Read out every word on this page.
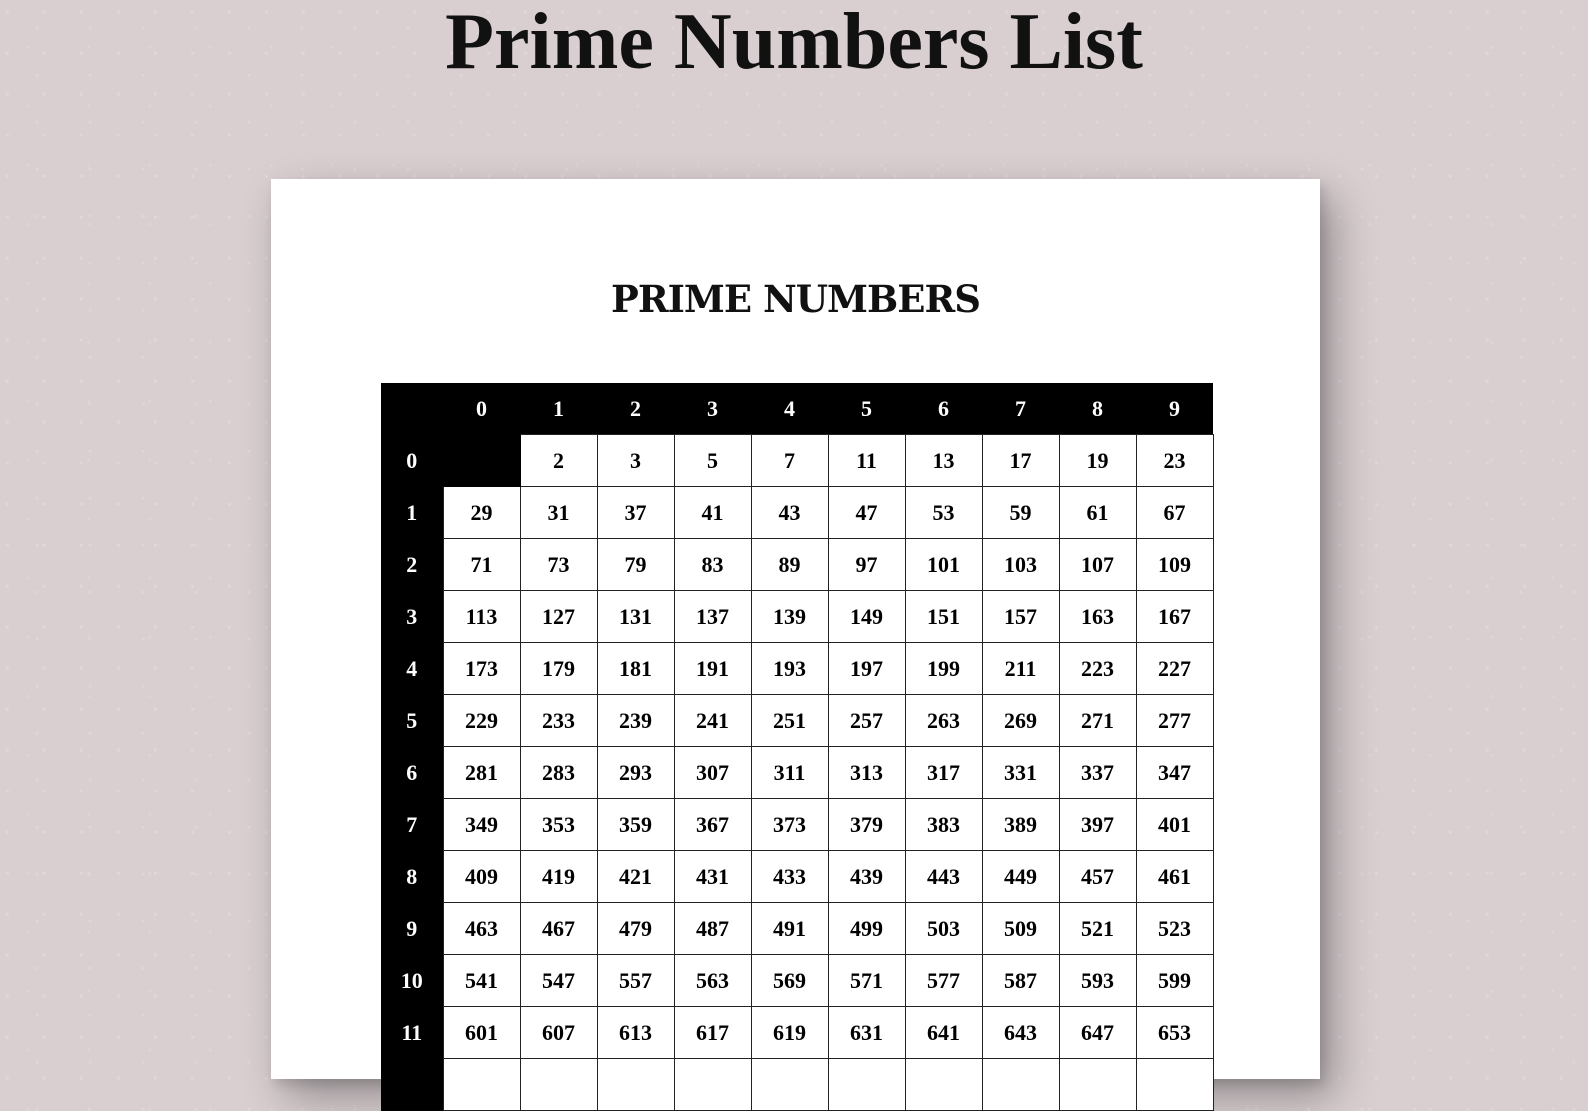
Prime Numbers List
PRIME NUMBERS
	0	1	2	3	4	5	6	7	8	9
0		2	3	5	7	11	13	17	19	23
1	29	31	37	41	43	47	53	59	61	67
2	71	73	79	83	89	97	101	103	107	109
3	113	127	131	137	139	149	151	157	163	167
4	173	179	181	191	193	197	199	211	223	227
5	229	233	239	241	251	257	263	269	271	277
6	281	283	293	307	311	313	317	331	337	347
7	349	353	359	367	373	379	383	389	397	401
8	409	419	421	431	433	439	443	449	457	461
9	463	467	479	487	491	499	503	509	521	523
10	541	547	557	563	569	571	577	587	593	599
11	601	607	613	617	619	631	641	643	647	653
